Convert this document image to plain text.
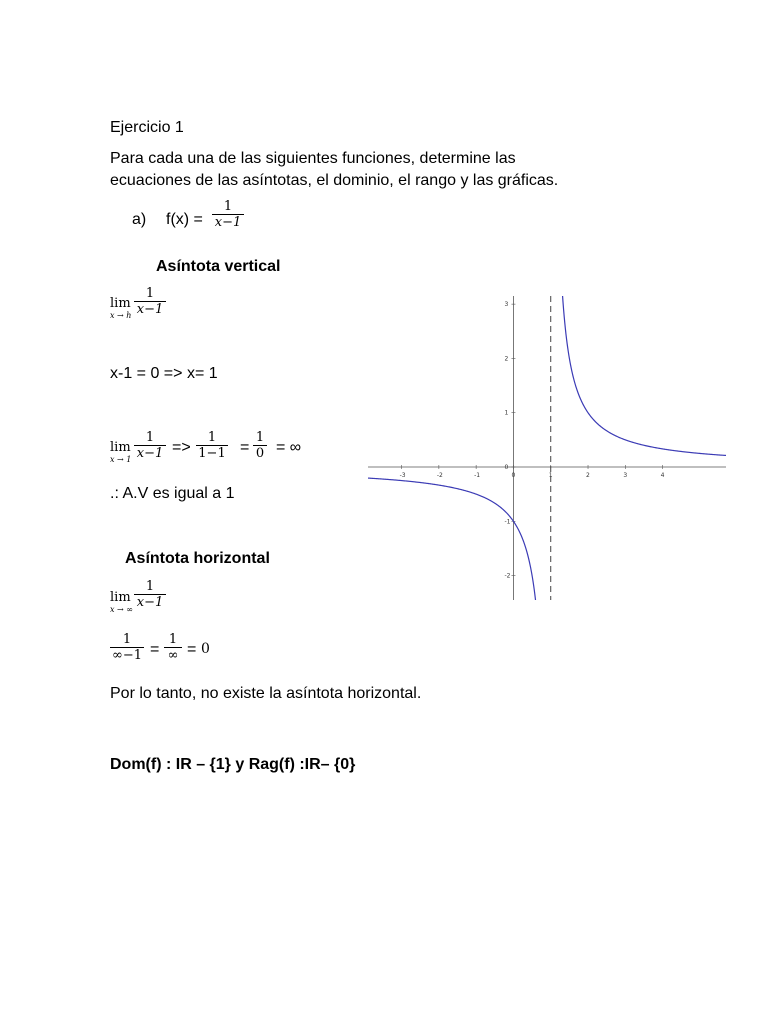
Ejercicio 1
Para cada una de las siguientes funciones, determine las
ecuaciones de las asíntotas, el dominio, el rango y las gráficas.
a) f(x) =
1
x−1
Asíntota vertical
lim
x → h
1
x−1
x-1 = 0 => x= 1
lim
x → 1
1
x−1 =>
1
1−1 =
1
0 = ∞
.: A.V es igual a 1
Asíntota horizontal
lim
x → ∞
1
x−1
1
∞−1 =
1
∞ = 0
Por lo tanto, no existe la asíntota horizontal.
Dom(f) : IR – {1} y Rag(f) :IR– {0}
-3	-2	-1	0	1	2	3	4
3
2
1
0
-1
-2
